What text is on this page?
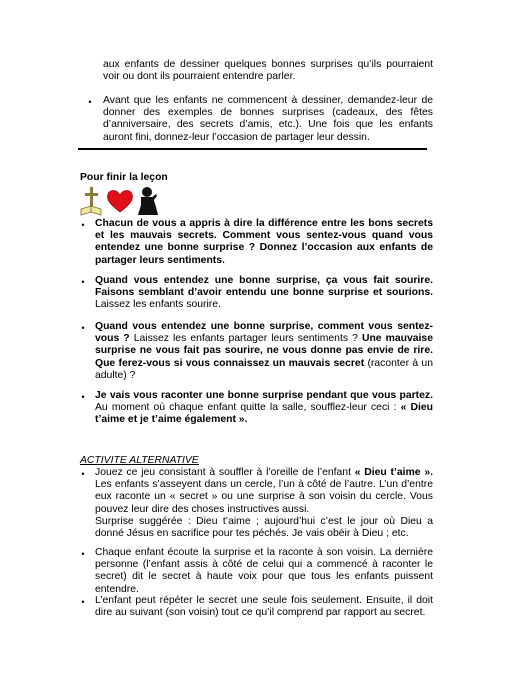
aux enfants de dessiner quelques bonnes surprises qu’ils pourraient voir ou dont ils pourraient entendre parler.

• Avant que les enfants ne commencent à dessiner, demandez-leur de donner des exemples de bonnes surprises (cadeaux, des fêtes d’anniversaire, des secrets d’amis, etc.). Une fois que les enfants auront fini, donnez-leur l’occasion de partager leur dessin.

Pour finir la leçon

• Chacun de vous a appris à dire la différence entre les bons secrets et les mauvais secrets. Comment vous sentez-vous quand vous entendez une bonne surprise ? Donnez l’occasion aux enfants de partager leurs sentiments.

• Quand vous entendez une bonne surprise, ça vous fait sourire. Faisons semblant d’avoir entendu une bonne surprise et sourions. Laissez les enfants sourire.

• Quand vous entendez une bonne surprise, comment vous sentez-vous ? Laissez les enfants partager leurs sentiments ? Une mauvaise surprise ne vous fait pas sourire, ne vous donne pas envie de rire. Que ferez-vous si vous connaissez un mauvais secret (raconter à un adulte) ?

• Je vais vous raconter une bonne surprise pendant que vous partez. Au moment où chaque enfant quitte la salle, soufflez-leur ceci : « Dieu t’aime et je t’aime également ».

ACTIVITE ALTERNATIVE

• Jouez ce jeu consistant à souffler à l’oreille de l’enfant « Dieu t’aime ». Les enfants s’asseyent dans un cercle, l’un à côté de l’autre. L’un d’entre eux raconte un « secret » ou une surprise à son voisin du cercle. Vous pouvez leur dire des choses instructives aussi.

Surprise suggérée : Dieu t’aime ; aujourd’hui c’est le jour où Dieu a donné Jésus en sacrifice pour tes péchés. Je vais obéir à Dieu ; etc.

• Chaque enfant écoute la surprise et la raconte à son voisin. La dernière personne (l’enfant assis à côté de celui qui a commencé à raconter le secret) dit le secret à haute voix pour que tous les enfants puissent entendre.

• L’enfant peut répéter le secret une seule fois seulement. Ensuite, il doit dire au suivant (son voisin) tout ce qu’il comprend par rapport au secret.
